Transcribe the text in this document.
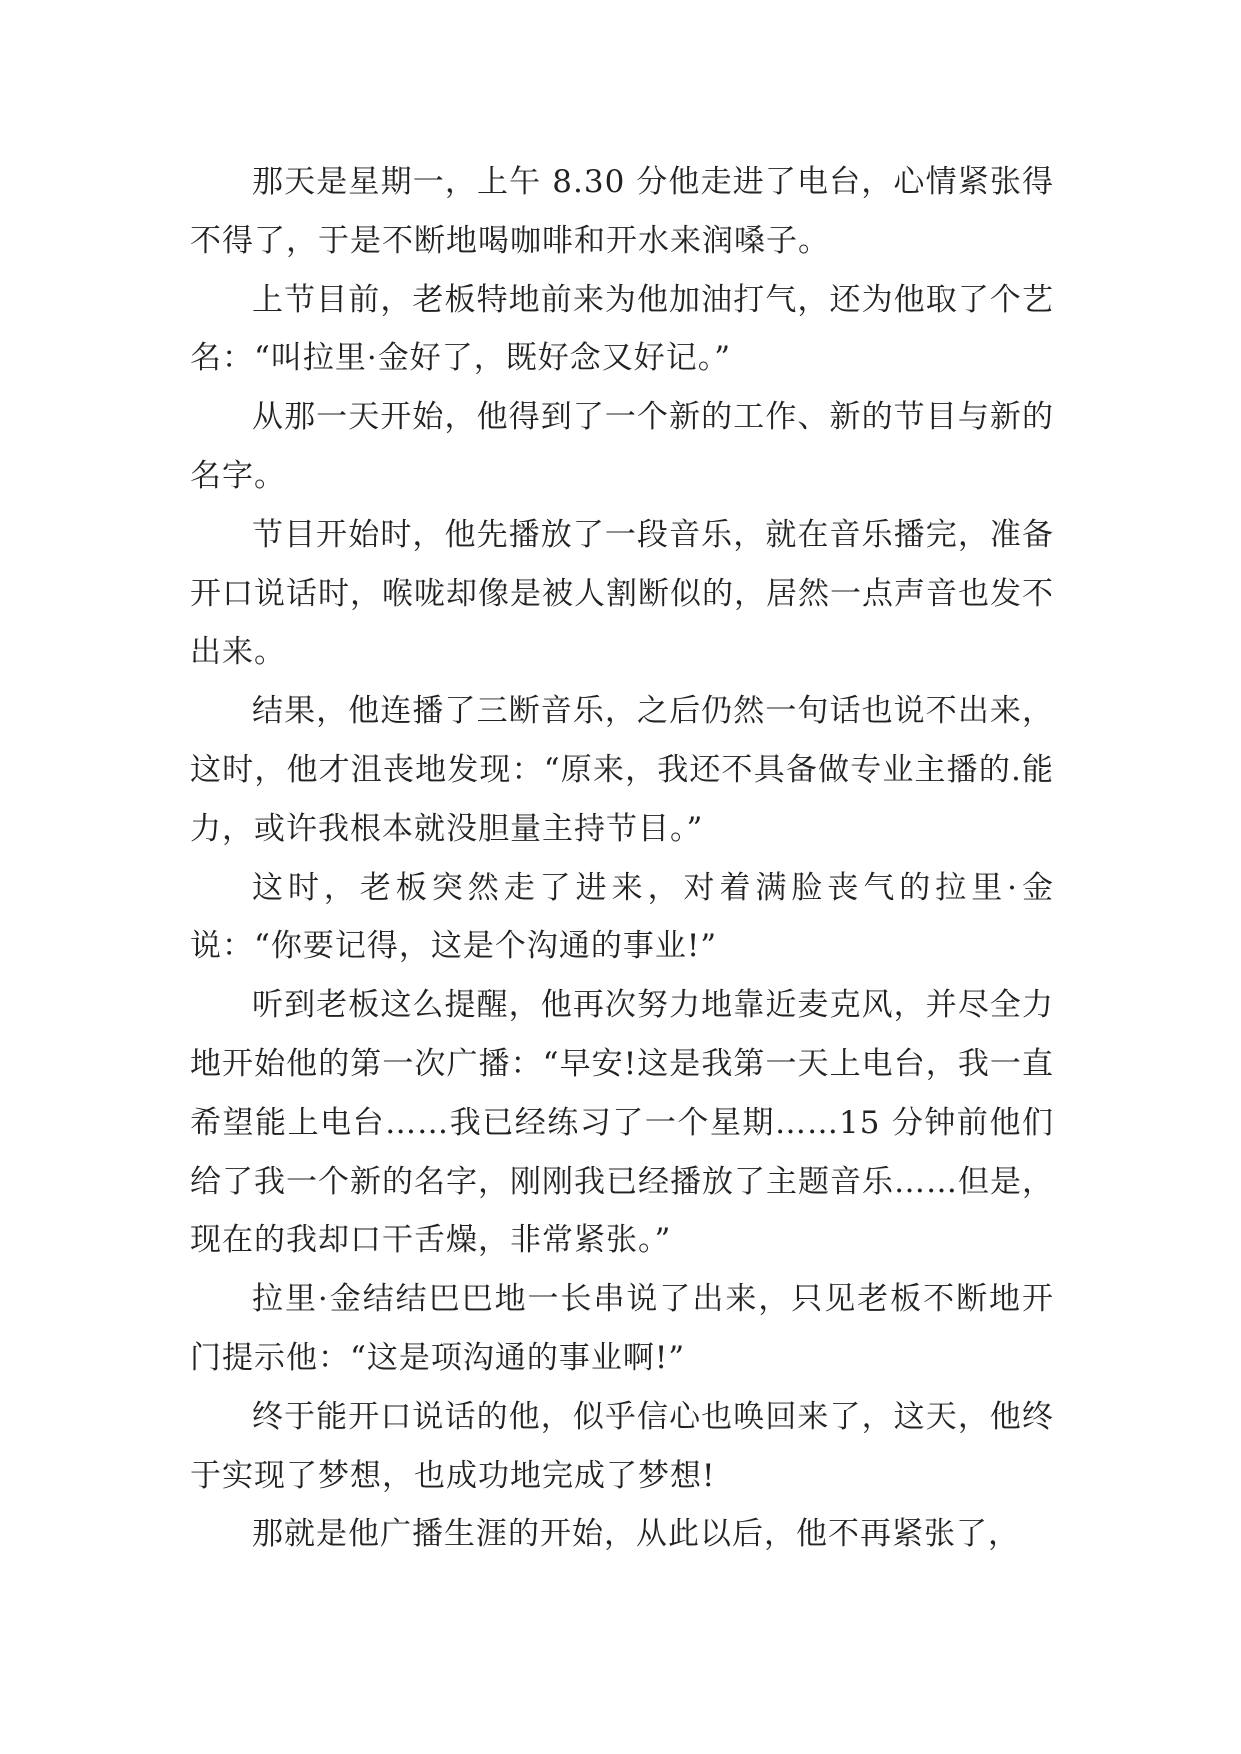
那天是星期一，上午 8.30 分他走进了电台，心情紧张得不得了，于是不断地喝咖啡和开水来润嗓子。

上节目前，老板特地前来为他加油打气，还为他取了个艺名：“叫拉里·金好了，既好念又好记。”

从那一天开始，他得到了一个新的工作、新的节目与新的名字。

节目开始时，他先播放了一段音乐，就在音乐播完，准备开口说话时，喉咙却像是被人割断似的，居然一点声音也发不出来。

结果，他连播了三断音乐，之后仍然一句话也说不出来，这时，他才沮丧地发现：“原来，我还不具备做专业主播的.能力，或许我根本就没胆量主持节目。”

这时，老板突然走了进来，对着满脸丧气的拉里·金说：“你要记得，这是个沟通的事业!”

听到老板这么提醒，他再次努力地靠近麦克风，并尽全力地开始他的第一次广播：“早安!这是我第一天上电台，我一直希望能上电台……我已经练习了一个星期……15 分钟前他们给了我一个新的名字，刚刚我已经播放了主题音乐……但是，现在的我却口干舌燥，非常紧张。”

拉里·金结结巴巴地一长串说了出来，只见老板不断地开门提示他：“这是项沟通的事业啊!”

终于能开口说话的他，似乎信心也唤回来了，这天，他终于实现了梦想，也成功地完成了梦想!

那就是他广播生涯的开始，从此以后，他不再紧张了，
